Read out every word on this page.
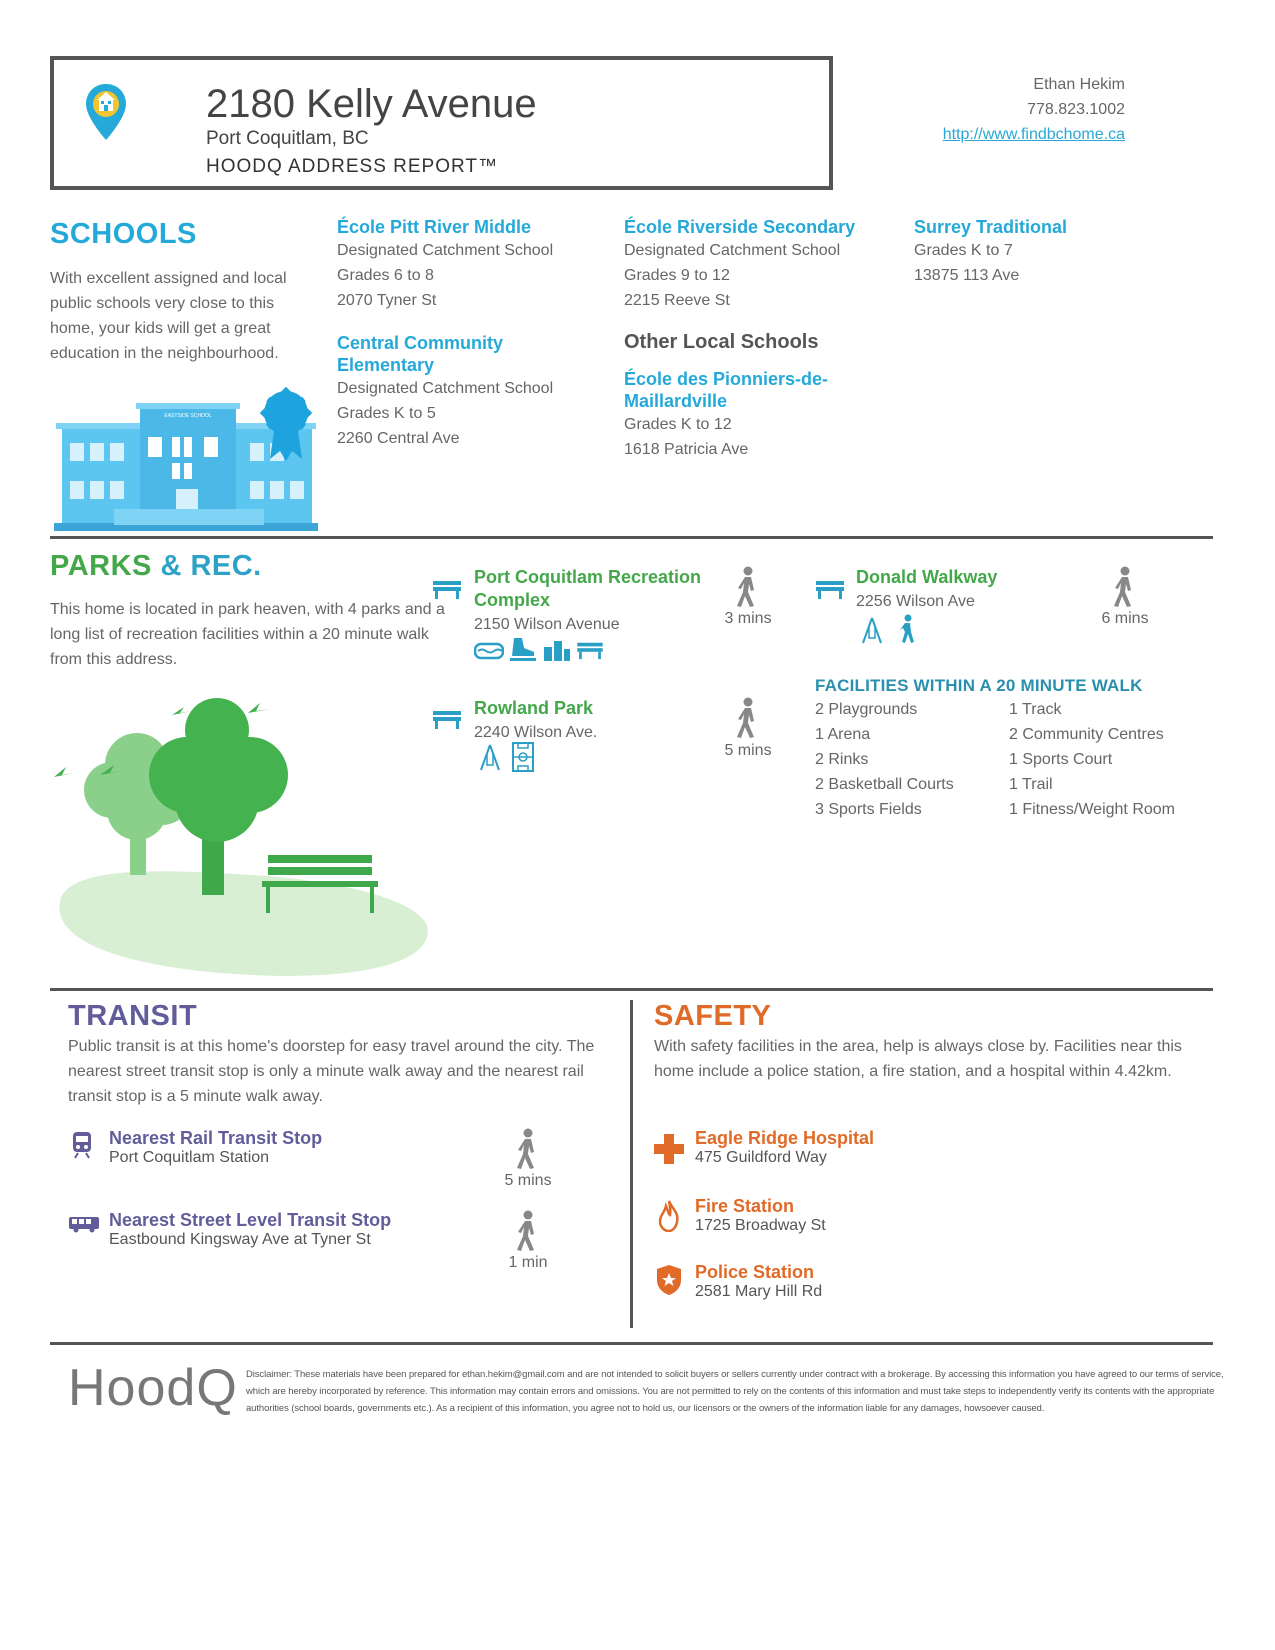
2180 Kelly Avenue
Port Coquitlam, BC
HOODQ ADDRESS REPORT™
Ethan Hekim
778.823.1002
http://www.findbchome.ca
SCHOOLS
With excellent assigned and local public schools very close to this home, your kids will get a great education in the neighbourhood.
EASTSIDE SCHOOL
École Pitt River Middle
Designated Catchment School
Grades 6 to 8
2070 Tyner St
École Riverside Secondary
Designated Catchment School
Grades 9 to 12
2215 Reeve St
Surrey Traditional
Grades K to 7
13875 113 Ave
Central Community Elementary
Designated Catchment School
Grades K to 5
2260 Central Ave
Other Local Schools
École des Pionniers-de-Maillardville
Grades K to 12
1618 Patricia Ave
PARKS & REC.
This home is located in park heaven, with 4 parks and a long list of recreation facilities within a 20 minute walk from this address.
Port Coquitlam Recreation Complex
2150 Wilson Avenue	3 mins
Donald Walkway
2256 Wilson Ave
6 mins
Rowland Park
2240 Wilson Ave.
5 mins
FACILITIES WITHIN A 20 MINUTE WALK
2 Playgrounds
1 Arena
2 Rinks
2 Basketball Courts
3 Sports Fields
1 Track
2 Community Centres
1 Sports Court
1 Trail
1 Fitness/Weight Room
TRANSIT
Public transit is at this home's doorstep for easy travel around the city. The nearest street transit stop is only a minute walk away and the nearest rail transit stop is a 5 minute walk away.
Nearest Rail Transit Stop
Port Coquitlam Station
5 mins
Nearest Street Level Transit Stop
Eastbound Kingsway Ave at Tyner St
1 min
SAFETY
With safety facilities in the area, help is always close by. Facilities near this home include a police station, a fire station, and a hospital within 4.42km.
Eagle Ridge Hospital
475 Guildford Way
Fire Station
1725 Broadway St
Police Station
2581 Mary Hill Rd
HoodQ Disclaimer: These materials have been prepared for ethan.hekim@gmail.com and are not intended to solicit buyers or sellers currently under contract with a brokerage. By accessing this information you have agreed to our terms of service, which are hereby incorporated by reference. This information may contain errors and omissions. You are not permitted to rely on the contents of this information and must take steps to independently verify its contents with the appropriate authorities (school boards, governments etc.). As a recipient of this information, you agree not to hold us, our licensors or the owners of the information liable for any damages, howsoever caused.
